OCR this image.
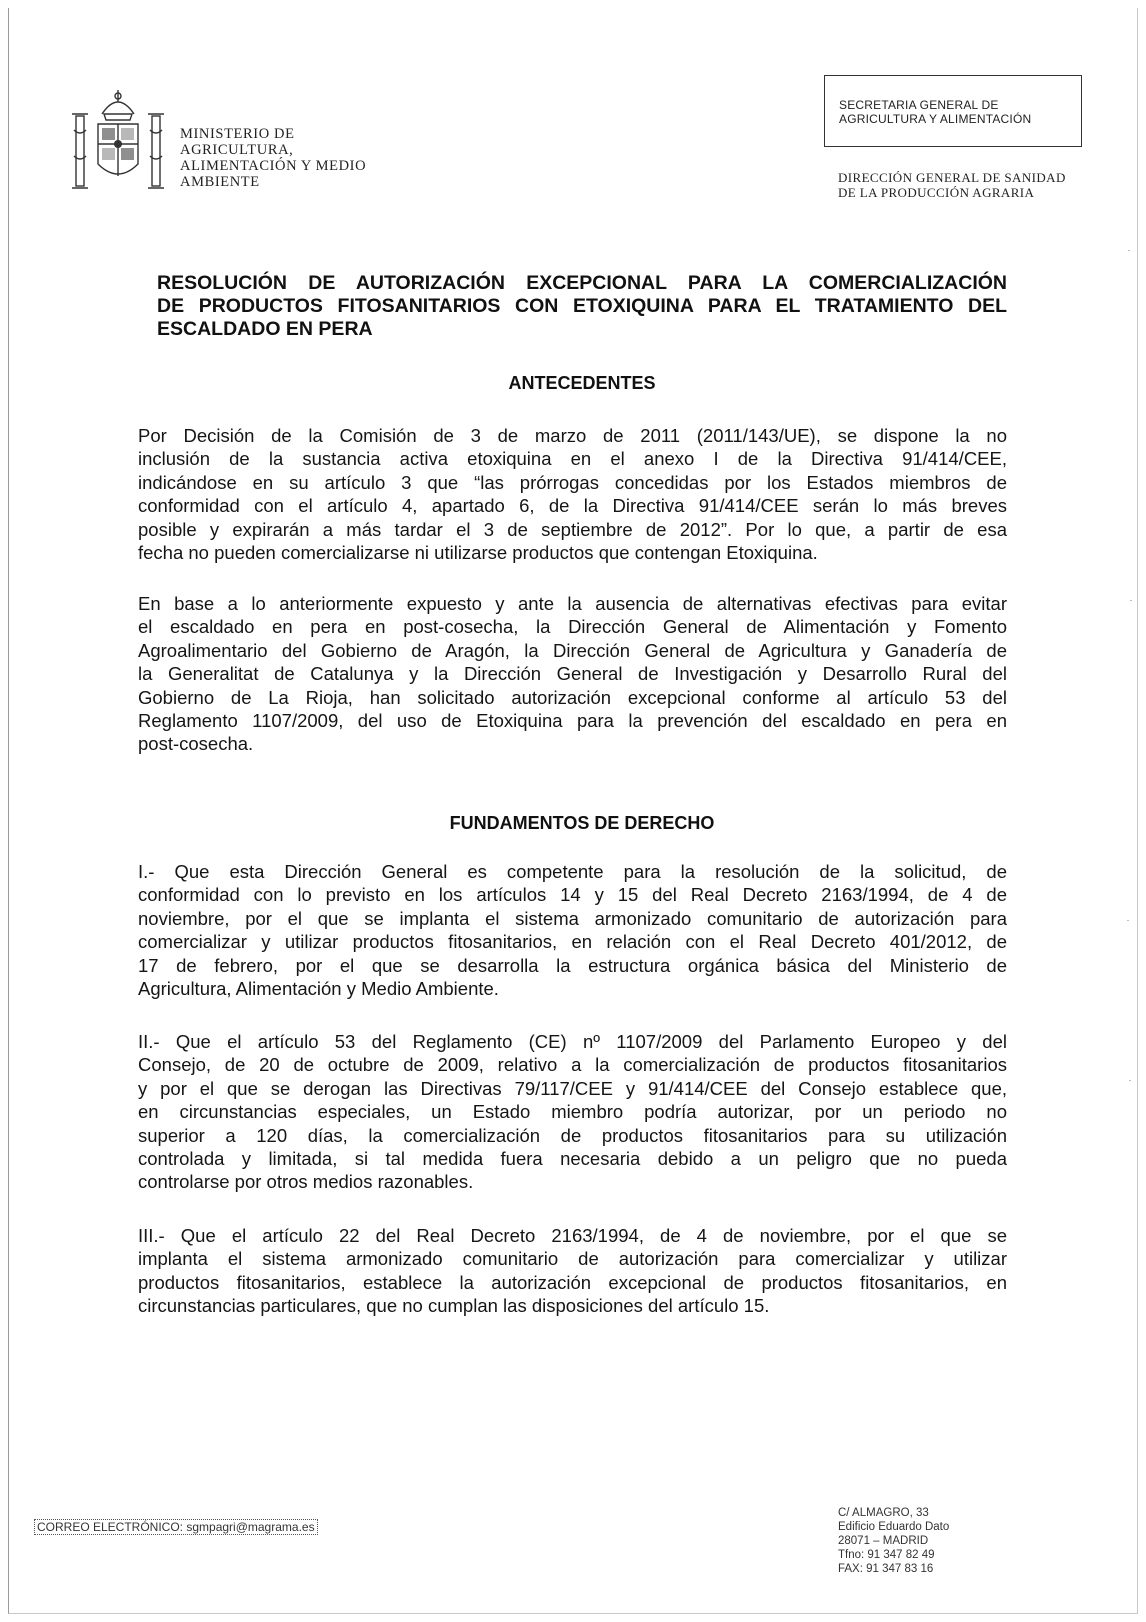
MINISTERIO DE
AGRICULTURA,
ALIMENTACIÓN Y MEDIO
AMBIENTE
SECRETARIA GENERAL DE
AGRICULTURA Y ALIMENTACIÓN
DIRECCIÓN GENERAL DE SANIDAD
DE LA PRODUCCIÓN AGRARIA
RESOLUCIÓN DE AUTORIZACIÓN EXCEPCIONAL PARA LA COMERCIALIZACIÓN
DE PRODUCTOS FITOSANITARIOS CON ETOXIQUINA PARA EL TRATAMIENTO DEL
ESCALDADO EN PERA
ANTECEDENTES
Por Decisión de la Comisión de 3 de marzo de 2011 (2011/143/UE), se dispone la no
inclusión de la sustancia activa etoxiquina en el anexo I de la Directiva 91/414/CEE,
indicándose en su artículo 3 que “las prórrogas concedidas por los Estados miembros de
conformidad con el artículo 4, apartado 6, de la Directiva 91/414/CEE serán lo más breves
posible y expirarán a más tardar el 3 de septiembre de 2012”. Por lo que, a partir de esa
fecha no pueden comercializarse ni utilizarse productos que contengan Etoxiquina.
En base a lo anteriormente expuesto y ante la ausencia de alternativas efectivas para evitar
el escaldado en pera en post-cosecha, la Dirección General de Alimentación y Fomento
Agroalimentario del Gobierno de Aragón, la Dirección General de Agricultura y Ganadería de
la Generalitat de Catalunya y la Dirección General de Investigación y Desarrollo Rural del
Gobierno de La Rioja, han solicitado autorización excepcional conforme al artículo 53 del
Reglamento 1107/2009, del uso de Etoxiquina para la prevención del escaldado en pera en
post-cosecha.
FUNDAMENTOS DE DERECHO
I.- Que esta Dirección General es competente para la resolución de la solicitud, de
conformidad con lo previsto en los artículos 14 y 15 del Real Decreto 2163/1994, de 4 de
noviembre, por el que se implanta el sistema armonizado comunitario de autorización para
comercializar y utilizar productos fitosanitarios, en relación con el Real Decreto 401/2012, de
17 de febrero, por el que se desarrolla la estructura orgánica básica del Ministerio de
Agricultura, Alimentación y Medio Ambiente.
II.- Que el artículo 53 del Reglamento (CE) nº 1107/2009 del Parlamento Europeo y del
Consejo, de 20 de octubre de 2009, relativo a la comercialización de productos fitosanitarios
y por el que se derogan las Directivas 79/117/CEE y 91/414/CEE del Consejo establece que,
en circunstancias especiales, un Estado miembro podría autorizar, por un periodo no
superior a 120 días, la comercialización de productos fitosanitarios para su utilización
controlada y limitada, si tal medida fuera necesaria debido a un peligro que no pueda
controlarse por otros medios razonables.
III.- Que el artículo 22 del Real Decreto 2163/1994, de 4 de noviembre, por el que se
implanta el sistema armonizado comunitario de autorización para comercializar y utilizar
productos fitosanitarios, establece la autorización excepcional de productos fitosanitarios, en
circunstancias particulares, que no cumplan las disposiciones del artículo 15.
CORREO ELECTRÓNICO: sgmpagri@magrama.es
C/ ALMAGRO, 33
Edificio Eduardo Dato
28071 – MADRID
Tfno: 91 347 82 49
FAX: 91 347 83 16
